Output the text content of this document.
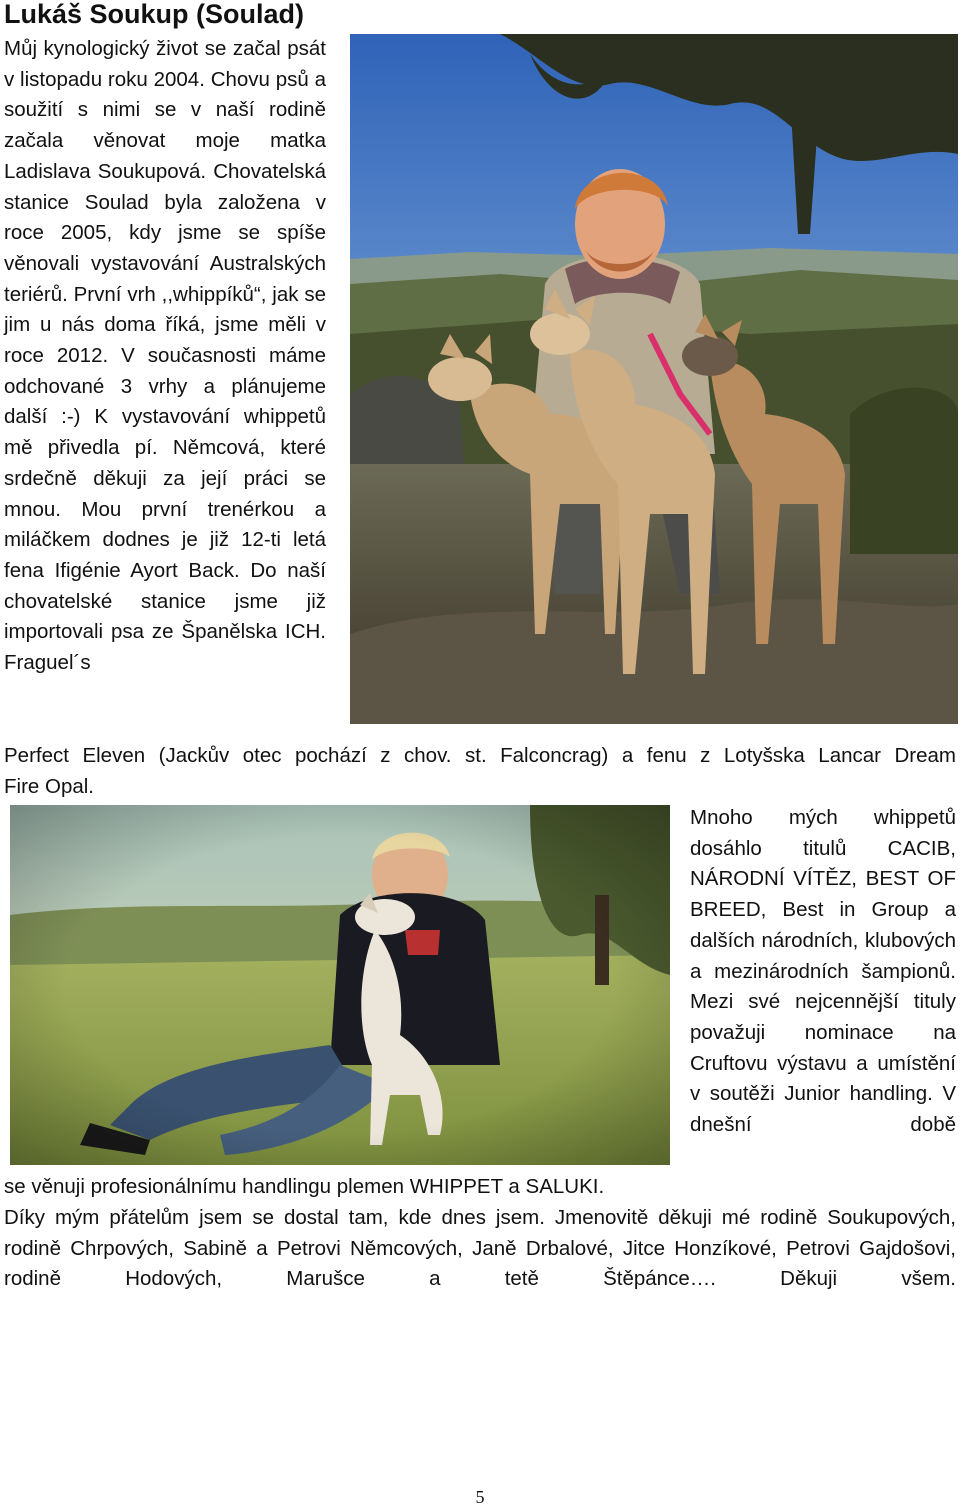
Lukáš Soukup (Soulad)

Můj kynologický život se začal psát v listopadu roku 2004. Chovu psů a soužití s nimi se v naší rodině začala věnovat moje matka Ladislava Soukupová. Chovatelská stanice Soulad byla založena v roce 2005, kdy jsme se spíše věnovali vystavování Australských teriérů. První vrh ,,whippíků“, jak se jim u nás doma říká, jsme měli v roce 2012. V současnosti máme odchované 3 vrhy a plánujeme další :-) K vystavování whippetů mě přivedla pí. Němcová, které srdečně děkuji za její práci se mnou. Mou první trenérkou a miláčkem dodnes je již 12-ti letá fena Ifigénie Ayort Back. Do naší chovatelské stanice jsme již importovali psa ze Španělska ICH. Fraguel´s

Perfect Eleven (Jackův otec pochází z chov. st. Falconcrag) a fenu z Lotyšska Lancar Dream
Fire Opal.

Mnoho mých whippetů dosáhlo titulů CACIB, NÁRODNÍ VÍTĚZ, BEST OF BREED, Best in Group a dalších národních, klubových a mezinárodních šampionů. Mezi své nejcennější tituly považuji nominace na Cruftovu výstavu a umístění v soutěži Junior handling. V dnešní době

se věnuji profesionálnímu handlingu plemen WHIPPET a SALUKI.

Díky mým přátelům jsem se dostal tam, kde dnes jsem. Jmenovitě děkuji mé rodině Soukupových, rodině Chrpových, Sabině a Petrovi Němcových, Janě Drbalové, Jitce Honzíkové, Petrovi Gajdošovi, rodině Hodových, Marušce a tetě Štěpánce…. Děkuji všem.

5
